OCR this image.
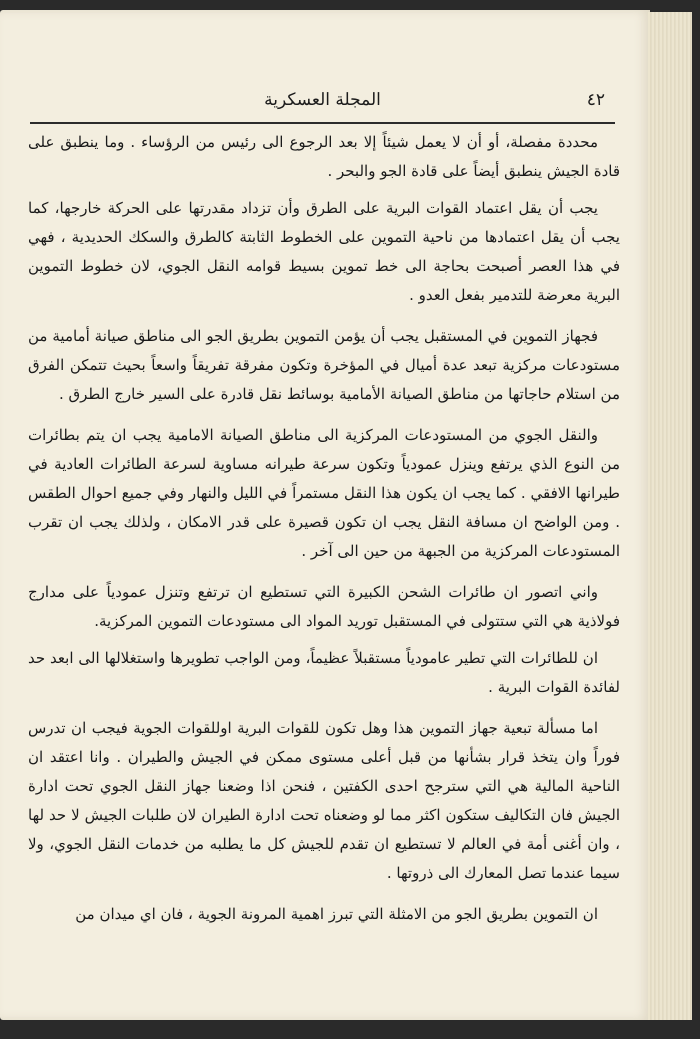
٤٢
المجلة العسكرية

محددة مفصلة، أو أن لا يعمل شيئاً إلا بعد الرجوع الى رئيس من الرؤساء . وما ينطبق على قادة الجيش ينطبق أيضاً على قادة الجو والبحر .

يجب أن يقل اعتماد القوات البرية على الطرق وأن تزداد مقدرتها على الحركة خارجها، كما يجب أن يقل اعتمادها من ناحية التموين على الخطوط الثابتة كالطرق والسكك الحديدية ، فهي في هذا العصر أصبحت بحاجة الى خط تموين بسيط قوامه النقل الجوي، لان خطوط التموين البرية معرضة للتدمير بفعل العدو .

فجهاز التموين في المستقبل يجب أن يؤمن التموين بطريق الجو الى مناطق صيانة أمامية من مستودعات مركزية تبعد عدة أميال في المؤخرة وتكون مفرقة تفريقاً واسعاً بحيث تتمكن الفرق من استلام حاجاتها من مناطق الصيانة الأمامية بوسائط نقل قادرة على السير خارج الطرق .

والنقل الجوي من المستودعات المركزية الى مناطق الصيانة الامامية يجب ان يتم بطائرات من النوع الذي يرتفع وينزل عمودياً وتكون سرعة طيرانه مساوية لسرعة الطائرات العادية في طيرانها الافقي . كما يجب ان يكون هذا النقل مستمراً في الليل والنهار وفي جميع احوال الطقس . ومن الواضح ان مسافة النقل يجب ان تكون قصيرة على قدر الامكان ، ولذلك يجب ان تقرب المستودعات المركزية من الجبهة من حين الى آخر .

واني اتصور ان طائرات الشحن الكبيرة التي تستطيع ان ترتفع وتنزل عمودياً على مدارج فولاذية هي التي ستتولى في المستقبل توريد المواد الى مستودعات التموين المركزية.

ان للطائرات التي تطير عامودياً مستقبلاً عظيماً، ومن الواجب تطويرها واستغلالها الى ابعد حد لفائدة القوات البرية .

اما مسألة تبعية جهاز التموين هذا وهل تكون للقوات البرية اوللقوات الجوية فيجب ان تدرس فوراً وان يتخذ قرار بشأنها من قبل أعلى مستوى ممكن في الجيش والطيران . وانا اعتقد ان الناحية المالية هي التي سترجح احدى الكفتين ، فنحن اذا وضعنا جهاز النقل الجوي تحت ادارة الجيش فان التكاليف ستكون اكثر مما لو وضعناه تحت ادارة الطيران لان طلبات الجيش لا حد لها ، وان أغنى أمة في العالم لا تستطيع ان تقدم للجيش كل ما يطلبه من خدمات النقل الجوي، ولا سيما عندما تصل المعارك الى ذروتها .

ان التموين بطريق الجو من الامثلة التي تبرز اهمية المرونة الجوية ، فان اي ميدان من
